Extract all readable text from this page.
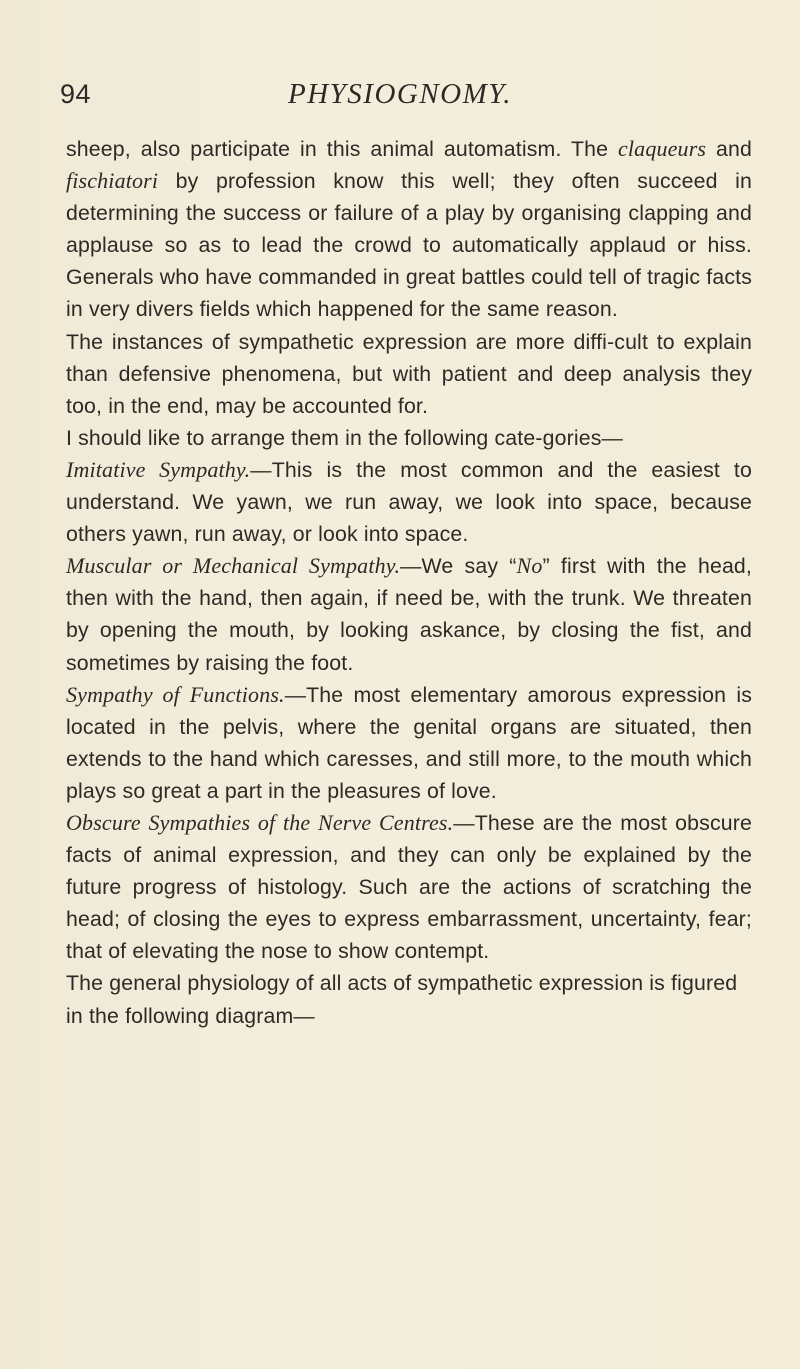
94	PHYSIOGNOMY.

sheep, also participate in this animal automatism. The claqueurs and fischiatori by profession know this well; they often succeed in determining the success or failure of a play by organising clapping and applause so as to lead the crowd to automatically applaud or hiss. Generals who have commanded in great battles could tell of tragic facts in very divers fields which happened for the same reason.

The instances of sympathetic expression are more diffi-cult to explain than defensive phenomena, but with patient and deep analysis they too, in the end, may be accounted for.

I should like to arrange them in the following cate-gories—

Imitative Sympathy.—This is the most common and the easiest to understand. We yawn, we run away, we look into space, because others yawn, run away, or look into space.

Muscular or Mechanical Sympathy.—We say “No” first with the head, then with the hand, then again, if need be, with the trunk. We threaten by opening the mouth, by looking askance, by closing the fist, and sometimes by raising the foot.

Sympathy of Functions.—The most elementary amorous expression is located in the pelvis, where the genital organs are situated, then extends to the hand which caresses, and still more, to the mouth which plays so great a part in the pleasures of love.

Obscure Sympathies of the Nerve Centres.—These are the most obscure facts of animal expression, and they can only be explained by the future progress of histology. Such are the actions of scratching the head; of closing the eyes to express embarrassment, uncertainty, fear; that of elevating the nose to show contempt.

The general physiology of all acts of sympathetic expression is figured in the following diagram—
